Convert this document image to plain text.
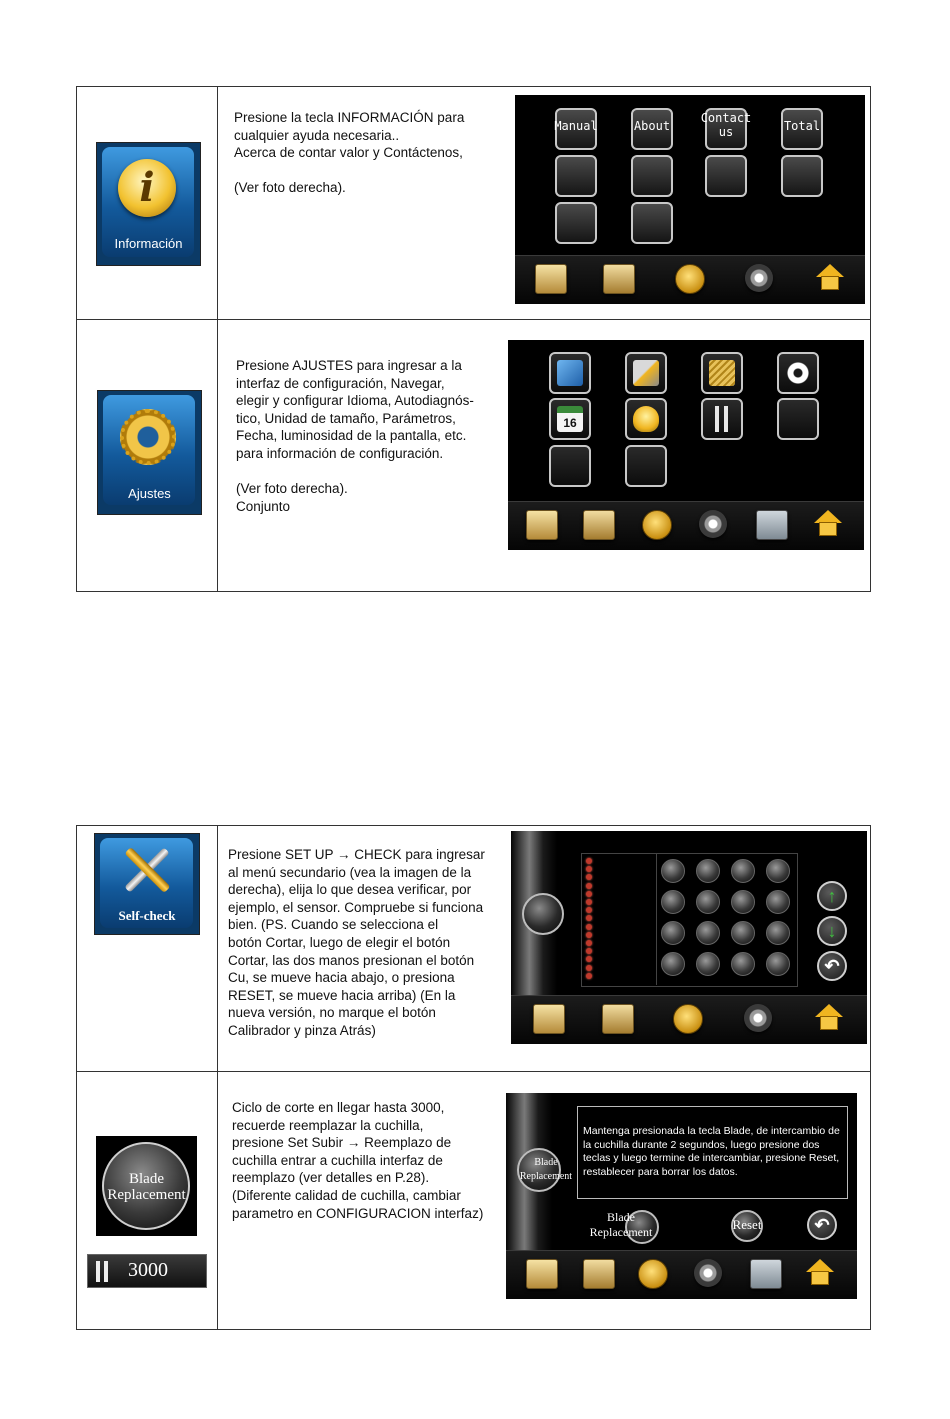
i
Información
Presione la tecla INFORMACIÓN para
cualquier ayuda necesaria..
Acerca de contar valor y Contáctenos,

(Ver foto derecha).
Manual	About
Contact us	Total
Ajustes
Presione AJUSTES para ingresar a la
interfaz de configuración, Navegar,
elegir y configurar Idioma, Autodiagnós-
tico, Unidad de tamaño, Parámetros,
Fecha, luminosidad de la pantalla, etc.
para información de configuración.

(Ver foto derecha).
Conjunto
16
Self-check
Presione SET UP → CHECK para ingresar
al menú secundario (vea la imagen de la
derecha), elija lo que desea verificar, por
ejemplo, el sensor. Compruebe si funciona
bien. (PS. Cuando se selecciona el
botón Cortar, luego de elegir el botón
Cortar, las dos manos presionan el botón
Cu, se mueve hacia abajo, o presiona
RESET, se mueve hacia arriba) (En la
nueva versión, no marque el botón
Calibrador y pinza Atrás)
↑
↓
↶
Blade Replacement
3000
Ciclo de corte en llegar hasta 3000,
recuerde reemplazar la cuchilla,
presione Set Subir → Reemplazo de
cuchilla entrar a cuchilla interfaz de
reemplazo (ver detalles en P.28).
(Diferente calidad de cuchilla, cambiar
parametro en CONFIGURACION interfaz)
Blade Replacement
Mantenga presionada la tecla Blade, de intercambio de la cuchilla durante 2 segundos, luego presione dos teclas y luego termine de intercambiar, presione Reset, restablecer para borrar los datos.
Blade Replacement	Reset	↶
